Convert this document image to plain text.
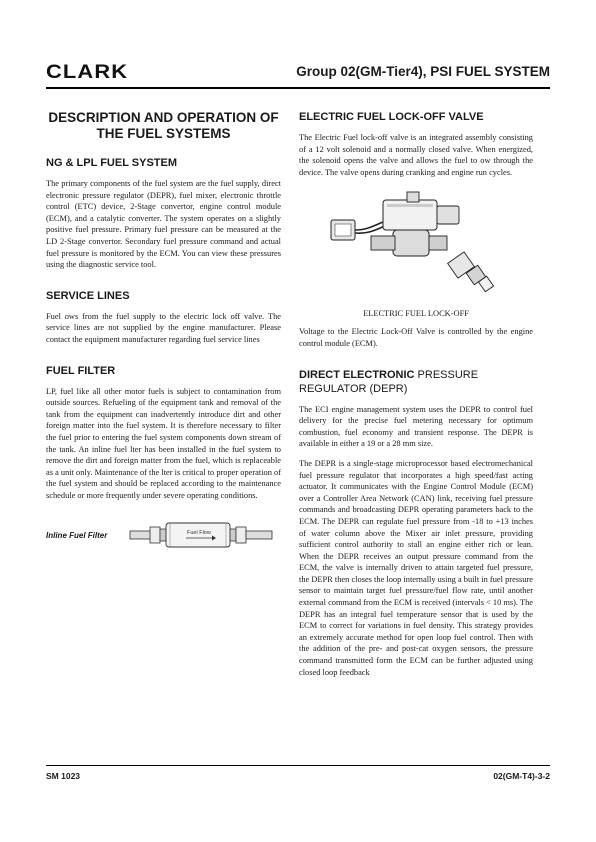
CLARK	Group 02(GM-Tier4), PSI FUEL SYSTEM
DESCRIPTION AND OPERATION OF THE FUEL SYSTEMS
NG & LPL FUEL SYSTEM
The primary components of the fuel system are the fuel supply, direct electronic pressure regulator (DEPR), fuel mixer, electronic throttle control (ETC) device, 2-Stage convertor, engine control module (ECM), and a catalytic converter. The system operates on a slightly positive fuel pressure. Primary fuel pressure can be measured at the LD 2-Stage convertor. Secondary fuel pressure command and actual fuel pressure is monitored by the ECM. You can view these pressures using the diagnostic service tool.
SERVICE LINES
Fuel ows from the fuel supply to the electric lock off valve. The service lines are not supplied by the engine manufacturer. Please contact the equipment manufacturer regarding fuel service lines
FUEL FILTER
LP, fuel like all other motor fuels is subject to contamination from outside sources. Refueling of the equipment tank and removal of the tank from the equipment can inadvertently introduce dirt and other foreign matter into the fuel system. It is therefore necessary to filter the fuel prior to entering the fuel system components down stream of the tank. An inline fuel lter has been installed in the fuel system to remove the dirt and foreign matter from the fuel, which is replaceable as a unit only. Maintenance of the lter is critical to proper operation of the fuel system and should be replaced according to the maintenance schedule or more frequently under severe operating conditions.
Inline Fuel Filter	Fuel Flow
ELECTRIC FUEL LOCK-OFF VALVE
The Electric Fuel lock-off valve is an integrated assembly consisting of a 12 volt solenoid and a normally closed valve. When energized, the solenoid opens the valve and allows the fuel to ow through the device. The valve opens during cranking and engine run cycles.
ELECTRIC FUEL LOCK-OFF
Voltage to the Electric Lock-Off Valve is controlled by the engine control module (ECM).
DIRECT ELECTRONIC PRESSURE REGULATOR (DEPR)
The ECI engine management system uses the DEPR to control fuel delivery for the precise fuel metering necessary for optimum combustion, fuel economy and transient response. The DEPR is available in either a 19 or a 28 mm size.
The DEPR is a single-stage microprocessor based electromechanical fuel pressure regulator that incorporates a high speed/fast acting actuator. It communicates with the Engine Control Module (ECM) over a Controller Area Network (CAN) link, receiving fuel pressure commands and broadcasting DEPR operating parameters back to the ECM. The DEPR can regulate fuel pressure from -18 to +13 inches of water column above the Mixer air inlet pressure, providing sufficient control authority to stall an engine either rich or lean. When the DEPR receives an output pressure command from the ECM, the valve is internally driven to attain targeted fuel pressure, the DEPR then closes the loop internally using a built in fuel pressure sensor to maintain target fuel pressure/fuel flow rate, until another external command from the ECM is received (intervals < 10 ms). The DEPR has an integral fuel temperature sensor that is used by the ECM to correct for variations in fuel density. This strategy provides an extremely accurate method for open loop fuel control. Then with the addition of the pre- and post-cat oxygen sensors, the pressure command transmitted form the ECM can be further adjusted using closed loop feedback
SM 1023	02(GM-T4)-3-2
